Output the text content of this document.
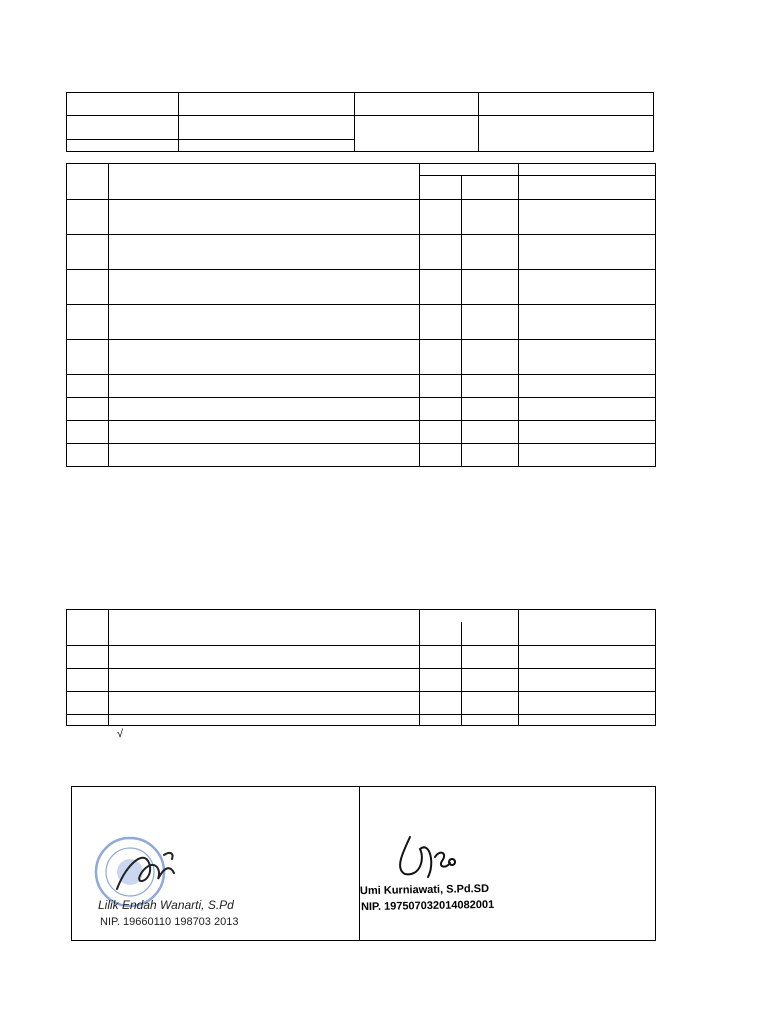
√
Lilik Endah Wanarti, S.Pd
NIP. 19660110 198703 2013
Umi Kurniawati, S.Pd.SD
NIP. 197507032014082001
